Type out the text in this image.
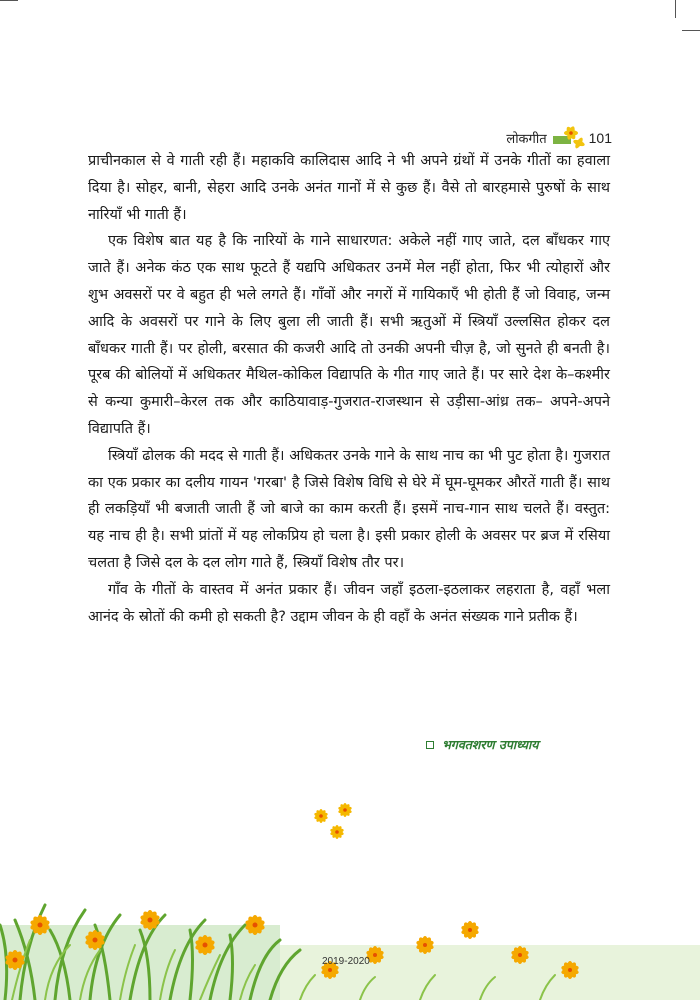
लोकगीत	101

प्राचीनकाल से वे गाती रही हैं। महाकवि कालिदास आदि ने भी अपने ग्रंथों में उनके गीतों का हवाला दिया है। सोहर, बानी, सेहरा आदि उनके अनंत गानों में से कुछ हैं। वैसे तो बारहमासे पुरुषों के साथ नारियाँ भी गाती हैं।

एक विशेष बात यह है कि नारियों के गाने साधारणत: अकेले नहीं गाए जाते, दल बाँधकर गाए जाते हैं। अनेक कंठ एक साथ फूटते हैं यद्यपि अधिकतर उनमें मेल नहीं होता, फिर भी त्योहारों और शुभ अवसरों पर वे बहुत ही भले लगते हैं। गाँवों और नगरों में गायिकाएँ भी होती हैं जो विवाह, जन्म आदि के अवसरों पर गाने के लिए बुला ली जाती हैं। सभी ऋतुओं में स्त्रियाँ उल्लसित होकर दल बाँधकर गाती हैं। पर होली, बरसात की कजरी आदि तो उनकी अपनी चीज़ है, जो सुनते ही बनती है। पूरब की बोलियों में अधिकतर मैथिल-कोकिल विद्यापति के गीत गाए जाते हैं। पर सारे देश के–कश्मीर से कन्या कुमारी–केरल तक और काठियावाड़-गुजरात-राजस्थान से उड़ीसा-आंध्र तक– अपने-अपने विद्यापति हैं।

स्त्रियाँ ढोलक की मदद से गाती हैं। अधिकतर उनके गाने के साथ नाच का भी पुट होता है। गुजरात का एक प्रकार का दलीय गायन 'गरबा' है जिसे विशेष विधि से घेरे में घूम-घूमकर औरतें गाती हैं। साथ ही लकड़ियाँ भी बजाती जाती हैं जो बाजे का काम करती हैं। इसमें नाच-गान साथ चलते हैं। वस्तुत: यह नाच ही है। सभी प्रांतों में यह लोकप्रिय हो चला है। इसी प्रकार होली के अवसर पर ब्रज में रसिया चलता है जिसे दल के दल लोग गाते हैं, स्त्रियाँ विशेष तौर पर।

गाँव के गीतों के वास्तव में अनंत प्रकार हैं। जीवन जहाँ इठला-इठलाकर लहराता है, वहाँ भला आनंद के स्रोतों की कमी हो सकती है? उद्दाम जीवन के ही वहाँ के अनंत संख्यक गाने प्रतीक हैं।

भगवतशरण उपाध्याय
2019-2020
